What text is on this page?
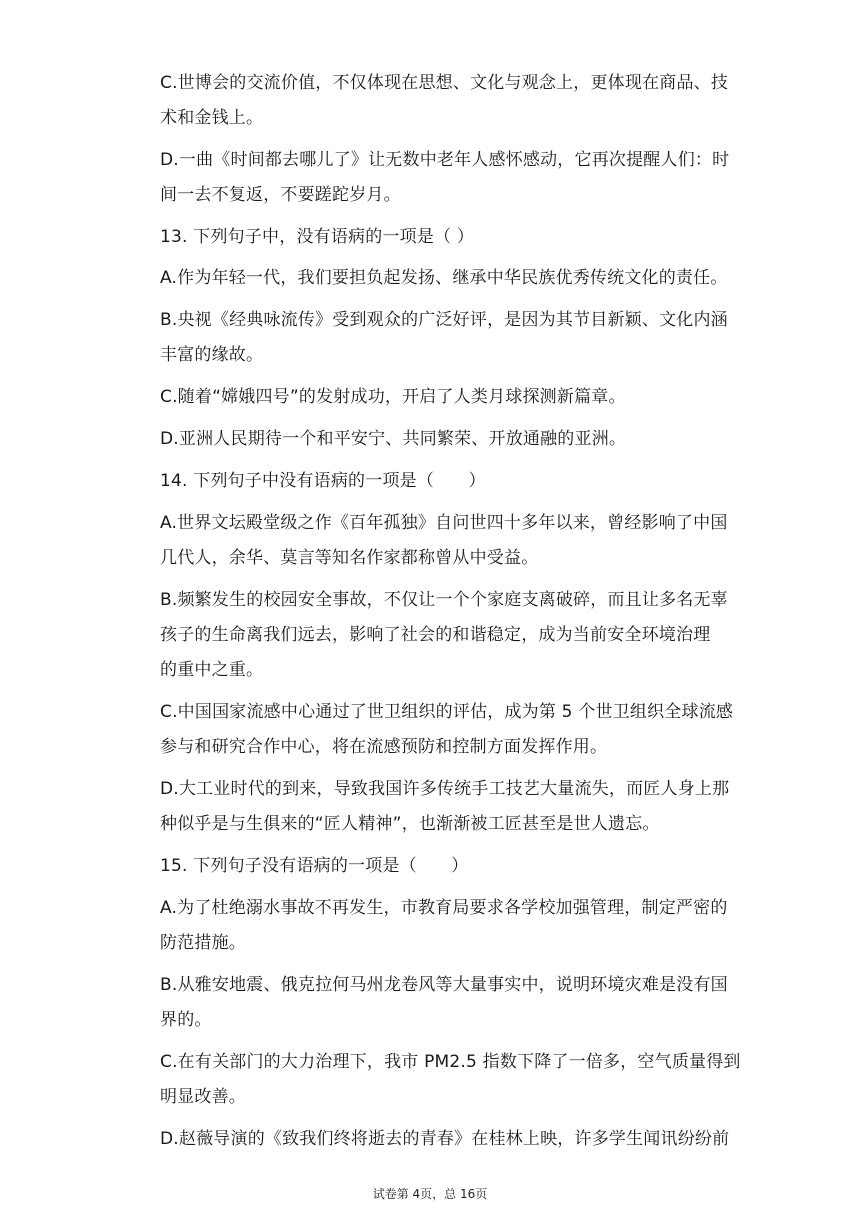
C.世博会的交流价值，不仅体现在思想、文化与观念上，更体现在商品、技
术和金钱上。
D.一曲《时间都去哪儿了》让无数中老年人感怀感动，它再次提醒人们：时
间一去不复返，不要蹉跎岁月。
13. 下列句子中，没有语病的一项是（ ）
A.作为年轻一代，我们要担负起发扬、继承中华民族优秀传统文化的责任。
B.央视《经典咏流传》受到观众的广泛好评，是因为其节目新颖、文化内涵
丰富的缘故。
C.随着“嫦娥四号”的发射成功，开启了人类月球探测新篇章。
D.亚洲人民期待一个和平安宁、共同繁荣、开放通融的亚洲。
14. 下列句子中没有语病的一项是（　　）
A.世界文坛殿堂级之作《百年孤独》自问世四十多年以来，曾经影响了中国
几代人，余华、莫言等知名作家都称曾从中受益。
B.频繁发生的校园安全事故，不仅让一个个家庭支离破碎，而且让多名无辜
孩子的生命离我们远去，影响了社会的和谐稳定，成为当前安全环境治理
的重中之重。
C.中国国家流感中心通过了世卫组织的评估，成为第 5 个世卫组织全球流感
参与和研究合作中心，将在流感预防和控制方面发挥作用。
D.大工业时代的到来，导致我国许多传统手工技艺大量流失，而匠人身上那
种似乎是与生俱来的“匠人精神”，也渐渐被工匠甚至是世人遗忘。
15. 下列句子没有语病的一项是（　　）
A.为了杜绝溺水事故不再发生，市教育局要求各学校加强管理，制定严密的
防范措施。
B.从雅安地震、俄克拉何马州龙卷风等大量事实中，说明环境灾难是没有国
界的。
C.在有关部门的大力治理下，我市 PM2.5 指数下降了一倍多，空气质量得到
明显改善。
D.赵薇导演的《致我们终将逝去的青春》在桂林上映，许多学生闻讯纷纷前
试卷第 4页，总 16页
